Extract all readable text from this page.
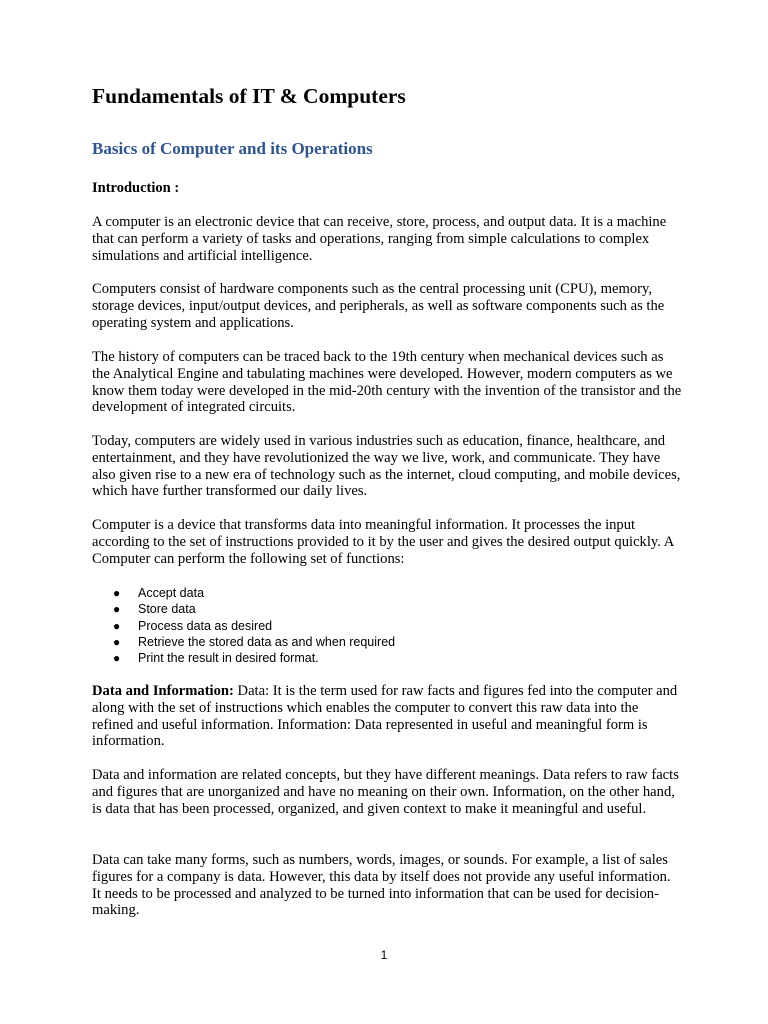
Fundamentals of IT & Computers
Basics of Computer and its Operations

Introduction :

A computer is an electronic device that can receive, store, process, and output data. It is a machine that can perform a variety of tasks and operations, ranging from simple calculations to complex simulations and artificial intelligence.

Computers consist of hardware components such as the central processing unit (CPU), memory, storage devices, input/output devices, and peripherals, as well as software components such as the operating system and applications.

The history of computers can be traced back to the 19th century when mechanical devices such as the Analytical Engine and tabulating machines were developed. However, modern computers as we know them today were developed in the mid-20th century with the invention of the transistor and the development of integrated circuits.

Today, computers are widely used in various industries such as education, finance, healthcare, and entertainment, and they have revolutionized the way we live, work, and communicate. They have also given rise to a new era of technology such as the internet, cloud computing, and mobile devices, which have further transformed our daily lives.

Computer is a device that transforms data into meaningful information. It processes the input according to the set of instructions provided to it by the user and gives the desired output quickly. A Computer can perform the following set of functions:

● Accept data
● Store data
● Process data as desired
● Retrieve the stored data as and when required
● Print the result in desired format.

Data and Information: Data: It is the term used for raw facts and figures fed into the computer and along with the set of instructions which enables the computer to convert this raw data into the refined and useful information. Information: Data represented in useful and meaningful form is information.

Data and information are related concepts, but they have different meanings. Data refers to raw facts and figures that are unorganized and have no meaning on their own. Information, on the other hand, is data that has been processed, organized, and given context to make it meaningful and useful.

Data can take many forms, such as numbers, words, images, or sounds. For example, a list of sales figures for a company is data. However, this data by itself does not provide any useful information. It needs to be processed and analyzed to be turned into information that can be used for decision-making.

1
